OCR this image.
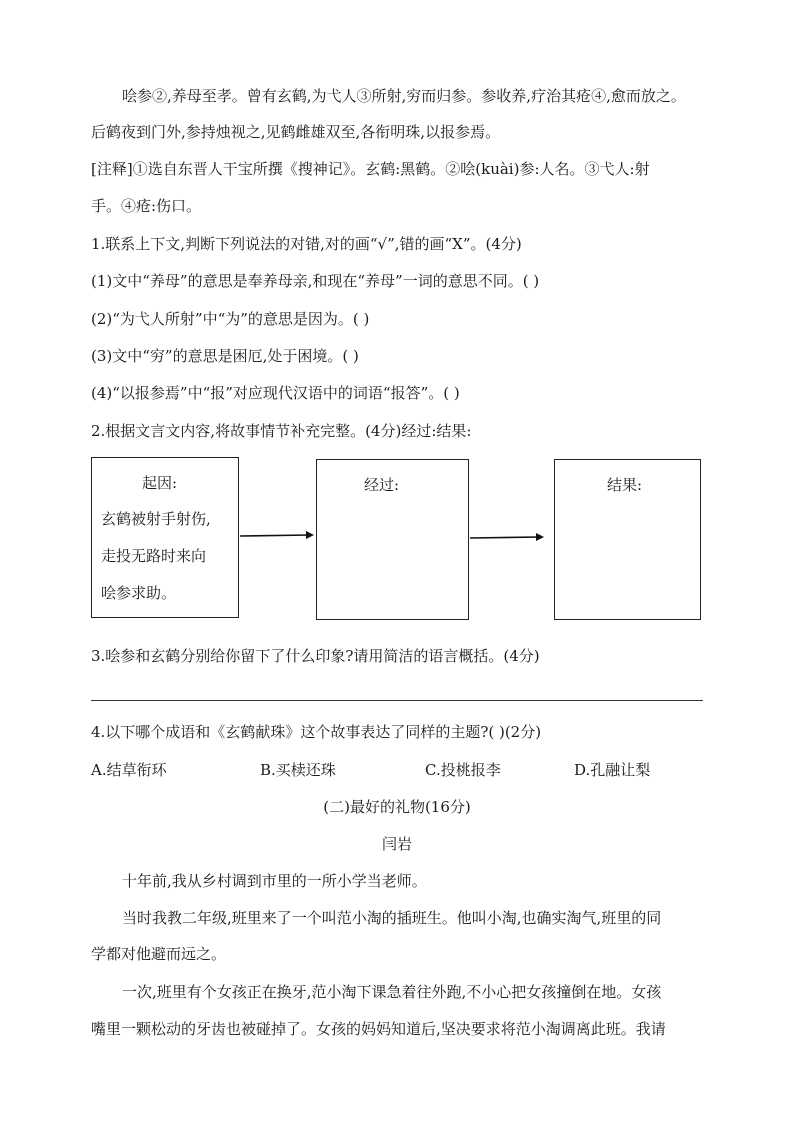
哙参②,养母至孝。曾有玄鹤,为弋人③所射,穷而归参。参收养,疗治其疮④,愈而放之。
后鹤夜到门外,参持烛视之,见鹤雌雄双至,各衔明珠,以报参焉。
[注释]①选自东晋人干宝所撰《搜神记》。玄鹤:黑鹤。②哙(kuài)参:人名。③弋人:射
手。④疮:伤口。
1.联系上下文,判断下列说法的对错,对的画“√”,错的画“X”。(4分)
(1)文中“养母”的意思是奉养母亲,和现在“养母”一词的意思不同。( )
(2)“为弋人所射”中“为”的意思是因为。( )
(3)文中“穷”的意思是困厄,处于困境。( )
(4)“以报参焉”中“报”对应现代汉语中的词语“报答”。( )
2.根据文言文内容,将故事情节补充完整。(4分)经过:结果:
起因:
玄鹤被射手射伤,
走投无路时来向
哙参求助。
经过:	结果:
3.哙参和玄鹤分别给你留下了什么印象?请用简洁的语言概括。(4分)
4.以下哪个成语和《玄鹤献珠》这个故事表达了同样的主题?( )(2分)
A.结草衔环	B.买椟还珠	C.投桃报李	D.孔融让梨
(二)最好的礼物(16分)
闫岩
十年前,我从乡村调到市里的一所小学当老师。
当时我教二年级,班里来了一个叫范小淘的插班生。他叫小淘,也确实淘气,班里的同
学都对他避而远之。
一次,班里有个女孩正在换牙,范小淘下课急着往外跑,不小心把女孩撞倒在地。女孩
嘴里一颗松动的牙齿也被碰掉了。女孩的妈妈知道后,坚决要求将范小淘调离此班。我请
